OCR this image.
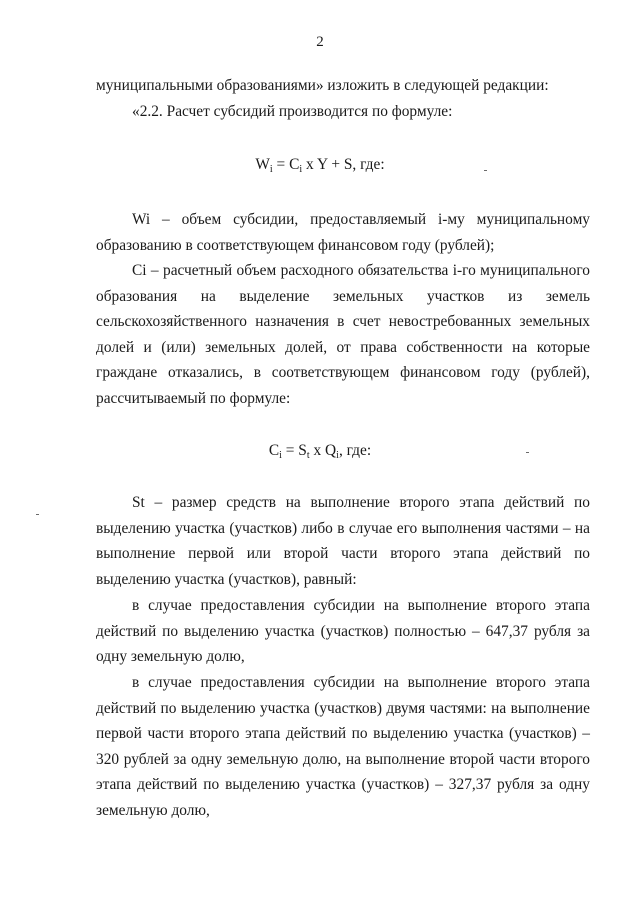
2

муниципальными образованиями» изложить в следующей редакции:

«2.2. Расчет субсидий производится по формуле:

$W_i = C_i$ x Y + S, где:

Wi – объем субсидии, предоставляемый i-му муниципальному образованию в соответствующем финансовом году (рублей);

Ci – расчетный объем расходного обязательства i-го муниципального образования на выделение земельных участков из земель сельскохозяйственного назначения в счет невостребованных земельных долей и (или) земельных долей, от права собственности на которые граждане отказались, в соответствующем финансовом году (рублей), рассчитываемый по формуле:

$C_i = S_t$ x $Q_i$, где:

St – размер средств на выполнение второго этапа действий по выделению участка (участков) либо в случае его выполнения частями – на выполнение первой или второй части второго этапа действий по выделению участка (участков), равный:

в случае предоставления субсидии на выполнение второго этапа действий по выделению участка (участков) полностью – 647,37 рубля за одну земельную долю,

в случае предоставления субсидии на выполнение второго этапа действий по выделению участка (участков) двумя частями: на выполнение первой части второго этапа действий по выделению участка (участков) – 320 рублей за одну земельную долю, на выполнение второй части второго этапа действий по выделению участка (участков) – 327,37 рубля за одну земельную долю,
